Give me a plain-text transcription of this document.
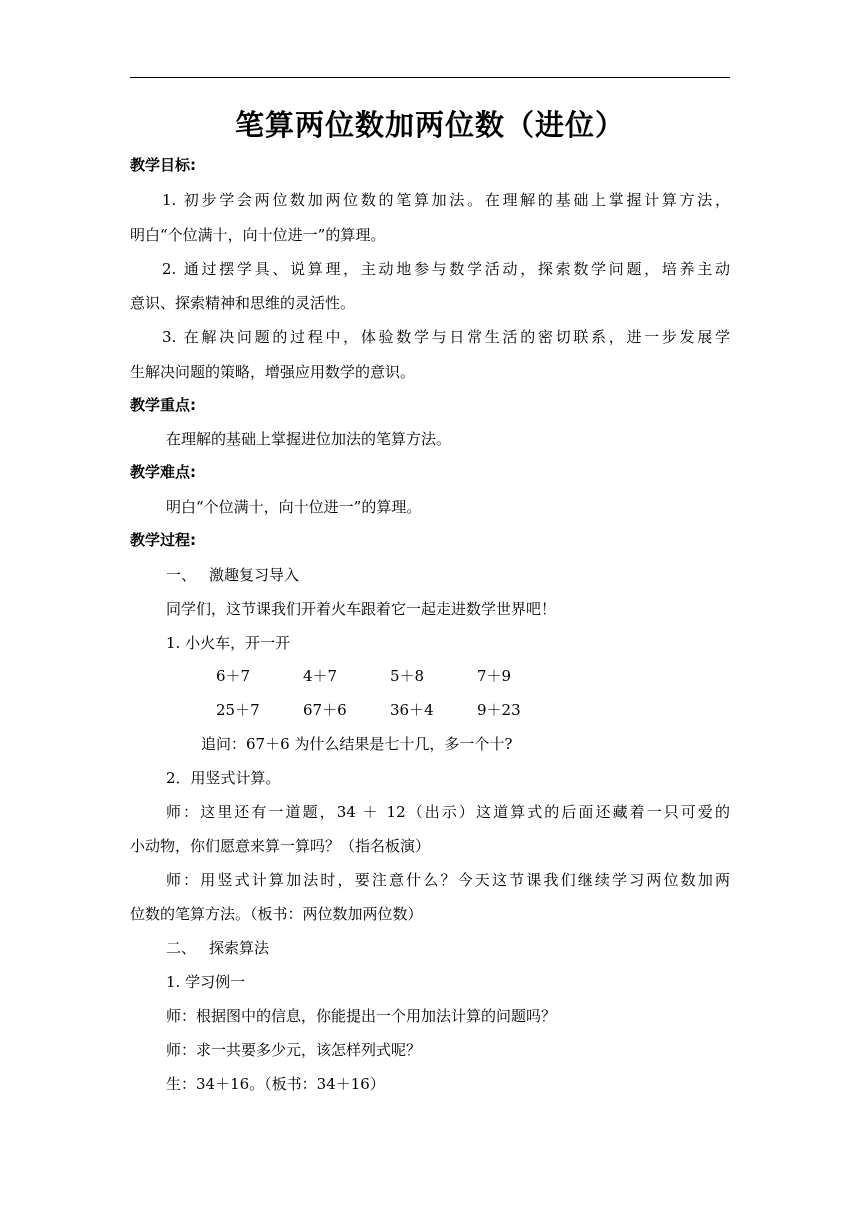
笔算两位数加两位数（进位）
教学目标:
1. 初步学会两位数加两位数的笔算加法。在理解的基础上掌握计算方法，
明白“个位满十，向十位进一”的算理。
2. 通过摆学具、说算理，主动地参与数学活动，探索数学问题，培养主动
意识、探索精神和思维的灵活性。
3. 在解决问题的过程中，体验数学与日常生活的密切联系，进一步发展学
生解决问题的策略，增强应用数学的意识。
教学重点:
在理解的基础上掌握进位加法的笔算方法。
教学难点:
明白“个位满十，向十位进一”的算理。
教学过程:
一、 激趣复习导入
同学们，这节课我们开着火车跟着它一起走进数学世界吧！
1. 小火车，开一开
6＋7	4＋7	5＋8	7＋9
25＋7	67＋6	36＋4	9＋23
追问：67＋6 为什么结果是七十几，多一个十?
2．用竖式计算。
师：这里还有一道题，34 ＋ 12（出示）这道算式的后面还藏着一只可爱的
小动物，你们愿意来算一算吗？（指名板演）
师：用竖式计算加法时，要注意什么？今天这节课我们继续学习两位数加两
位数的笔算方法。（板书：两位数加两位数）
二、 探索算法
1. 学习例一
师：根据图中的信息，你能提出一个用加法计算的问题吗？
师：求一共要多少元，该怎样列式呢？
生：34＋16。（板书：34＋16）
